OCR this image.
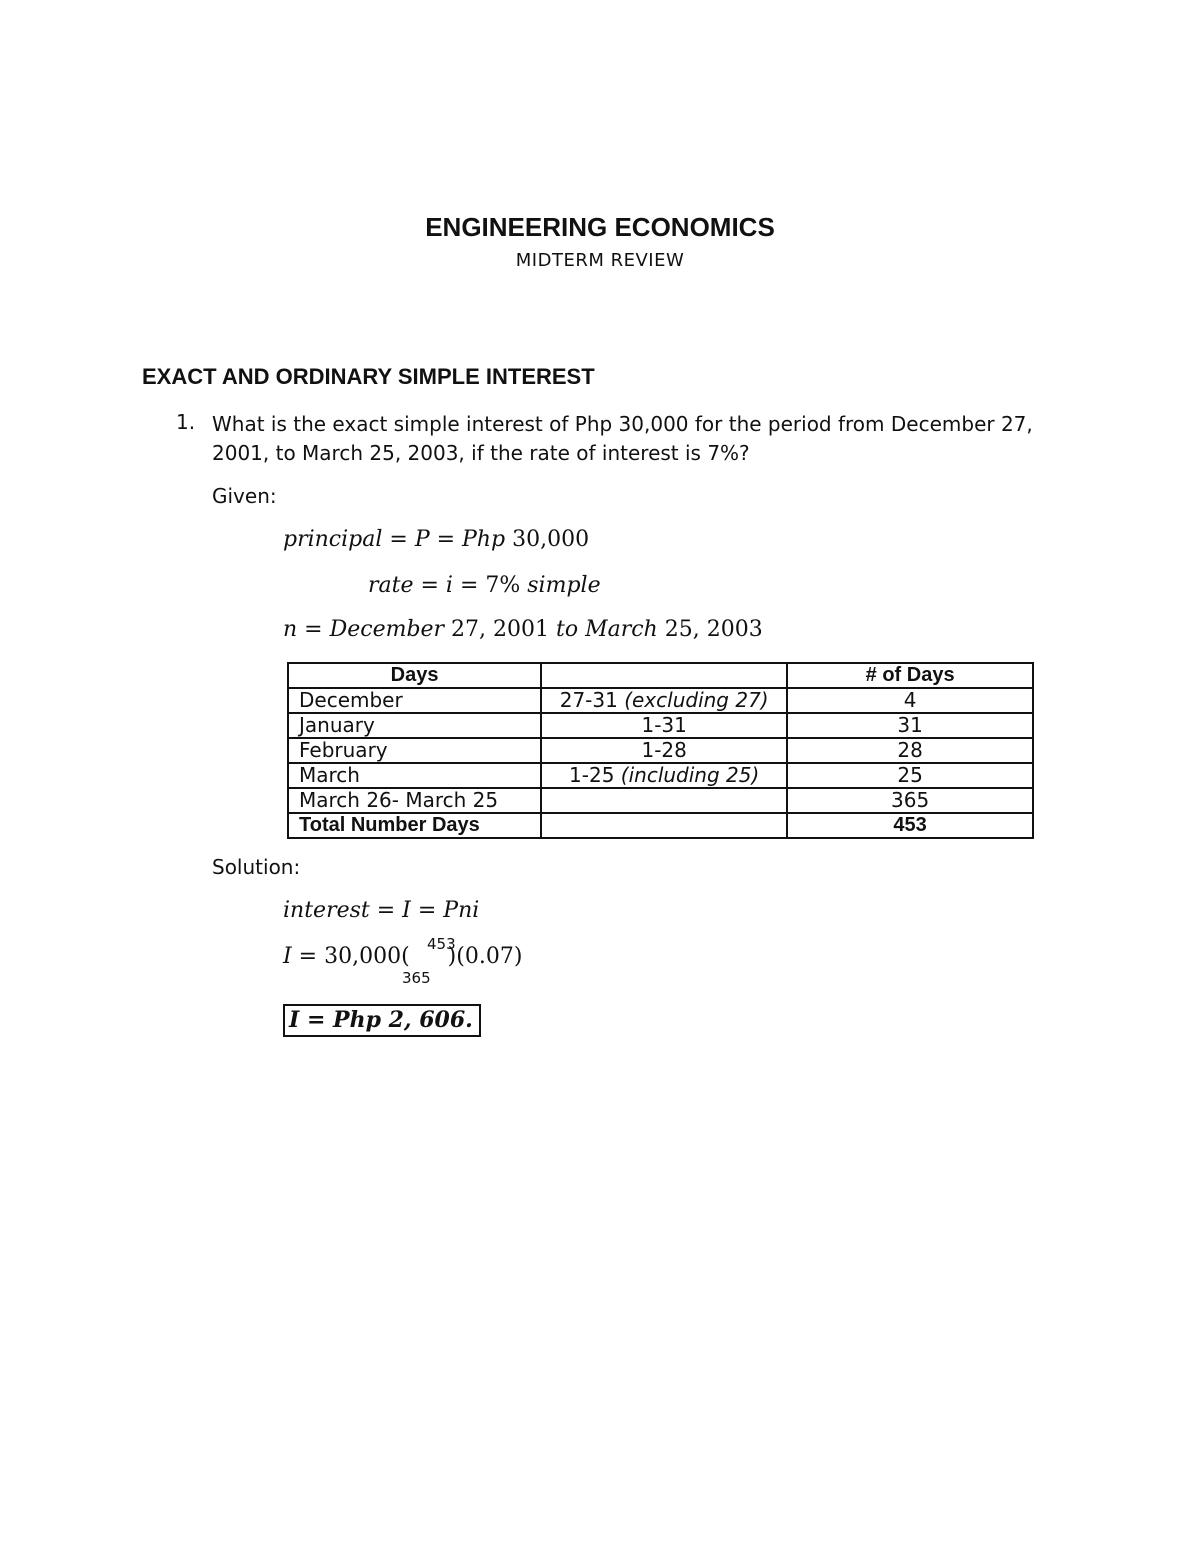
ENGINEERING ECONOMICS
MIDTERM REVIEW
EXACT AND ORDINARY SIMPLE INTEREST
1. What is the exact simple interest of Php 30,000 for the period from December 27, 2001, to March 25, 2003, if the rate of interest is 7%?
Given:
𝑝𝑟𝑖𝑛𝑐𝑖𝑝𝑎𝑙 = 𝑃 = 𝑃ℎ𝑝 30,000
𝑟𝑎𝑡𝑒 = 𝑖 = 7% 𝑠𝑖𝑚𝑝𝑙𝑒
𝑛 = 𝐷𝑒𝑐𝑒𝑚𝑏𝑒𝑟 27, 2001 𝑡𝑜 𝑀𝑎𝑟𝑐ℎ 25, 2003
Days		# of Days
December	27-31 (excluding 27)	4
January	1-31	31
February	1-28	28
March	1-25 (including 25)	25
March 26- March 25		365
Total Number Days		453
Solution:
𝑖𝑛𝑡𝑒𝑟𝑒𝑠𝑡 = 𝐼 = 𝑃𝑛𝑖
𝐼 = 30,000( )(0.07)
453
365
I = Php 2, 606.
